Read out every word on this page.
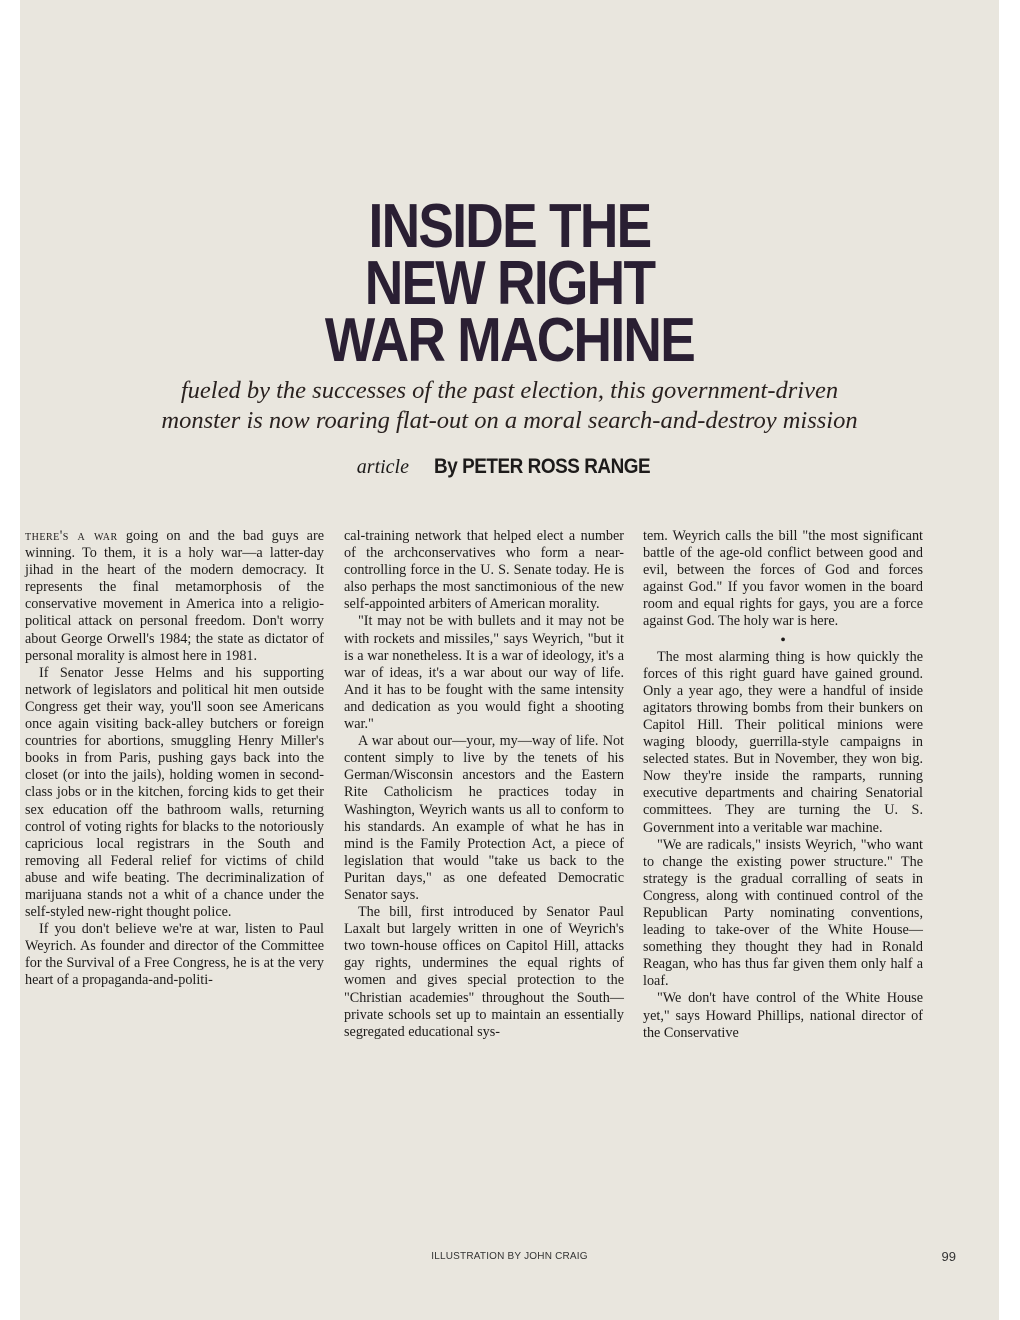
INSIDE THE
NEW RIGHT
WAR MACHINE
fueled by the successes of the past election, this government-driven
monster is now roaring flat-out on a moral search-and-destroy mission
article By PETER ROSS RANGE

there's a war going on and the bad guys are winning. To them, it is a holy war—a latter-day jihad in the heart of the modern democracy. It represents the final metamorphosis of the conservative movement in America into a religio-political attack on personal freedom. Don't worry about George Orwell's 1984; the state as dictator of personal morality is almost here in 1981.

If Senator Jesse Helms and his supporting network of legislators and political hit men outside Congress get their way, you'll soon see Americans once again visiting back-alley butchers or foreign countries for abortions, smuggling Henry Miller's books in from Paris, pushing gays back into the closet (or into the jails), holding women in second-class jobs or in the kitchen, forcing kids to get their sex education off the bathroom walls, returning control of voting rights for blacks to the notoriously capricious local registrars in the South and removing all Federal relief for victims of child abuse and wife beating. The decriminalization of marijuana stands not a whit of a chance under the self-styled new-right thought police.

If you don't believe we're at war, listen to Paul Weyrich. As founder and director of the Committee for the Survival of a Free Congress, he is at the very heart of a propaganda-and-politi-

cal-training network that helped elect a number of the archconservatives who form a near-controlling force in the U. S. Senate today. He is also perhaps the most sanctimonious of the new self-appointed arbiters of American morality.

"It may not be with bullets and it may not be with rockets and missiles," says Weyrich, "but it is a war nonetheless. It is a war of ideology, it's a war of ideas, it's a war about our way of life. And it has to be fought with the same intensity and dedication as you would fight a shooting war."

A war about our—your, my—way of life. Not content simply to live by the tenets of his German/Wisconsin ancestors and the Eastern Rite Catholicism he practices today in Washington, Weyrich wants us all to conform to his standards. An example of what he has in mind is the Family Protection Act, a piece of legislation that would "take us back to the Puritan days," as one defeated Democratic Senator says.

The bill, first introduced by Senator Paul Laxalt but largely written in one of Weyrich's two town-house offices on Capitol Hill, attacks gay rights, undermines the equal rights of women and gives special protection to the "Christian academies" throughout the South—private schools set up to maintain an essentially segregated educational sys-

tem. Weyrich calls the bill "the most significant battle of the age-old conflict between good and evil, between the forces of God and forces against God." If you favor women in the board room and equal rights for gays, you are a force against God. The holy war is here.

•

The most alarming thing is how quickly the forces of this right guard have gained ground. Only a year ago, they were a handful of inside agitators throwing bombs from their bunkers on Capitol Hill. Their political minions were waging bloody, guerrilla-style campaigns in selected states. But in November, they won big. Now they're inside the ramparts, running executive departments and chairing Senatorial committees. They are turning the U. S. Government into a veritable war machine.

"We are radicals," insists Weyrich, "who want to change the existing power structure." The strategy is the gradual corralling of seats in Congress, along with continued control of the Republican Party nominating conventions, leading to take-over of the White House—something they thought they had in Ronald Reagan, who has thus far given them only half a loaf.

"We don't have control of the White House yet," says Howard Phillips, national director of the Conservative

ILLUSTRATION BY JOHN CRAIG	99
